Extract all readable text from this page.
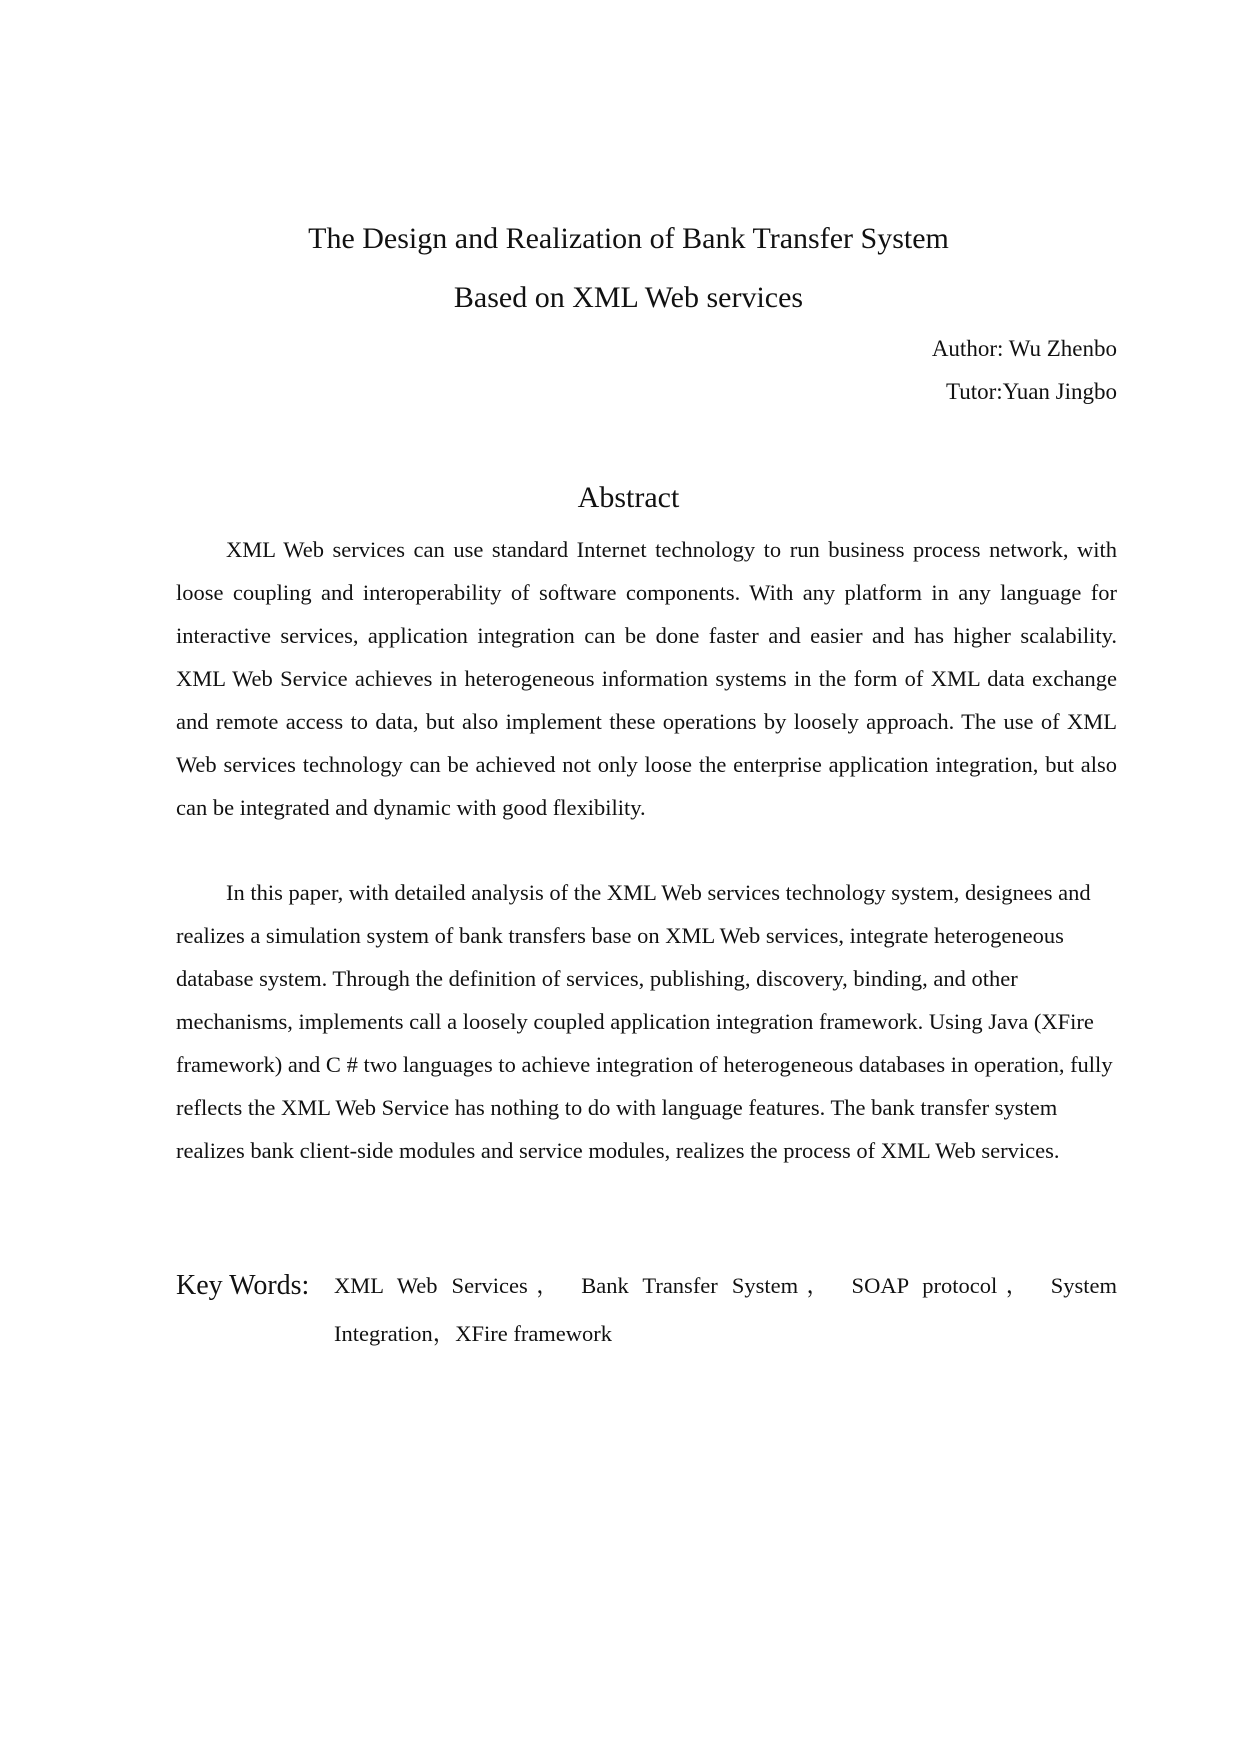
The Design and Realization of Bank Transfer System
Based on XML Web services
Author: Wu Zhenbo
Tutor:Yuan Jingbo
Abstract

XML Web services can use standard Internet technology to run business process network, with loose coupling and interoperability of software components. With any platform in any language for interactive services, application integration can be done faster and easier and has higher scalability. XML Web Service achieves in heterogeneous information systems in the form of XML data exchange and remote access to data, but also implement these operations by loosely approach. The use of XML Web services technology can be achieved not only loose the enterprise application integration, but also can be integrated and dynamic with good flexibility.

In this paper, with detailed analysis of the XML Web services technology system, designees and realizes a simulation system of bank transfers base on XML Web services, integrate heterogeneous database system. Through the definition of services, publishing, discovery, binding, and other mechanisms, implements call a loosely coupled application integration framework. Using Java (XFire framework) and C # two languages to achieve integration of heterogeneous databases in operation, fully reflects the XML Web Service has nothing to do with language features. The bank transfer system realizes bank client-side modules and service modules, realizes the process of XML Web services.

Key Words: XML Web Services， Bank Transfer System， SOAP protocol， System Integration，XFire framework
